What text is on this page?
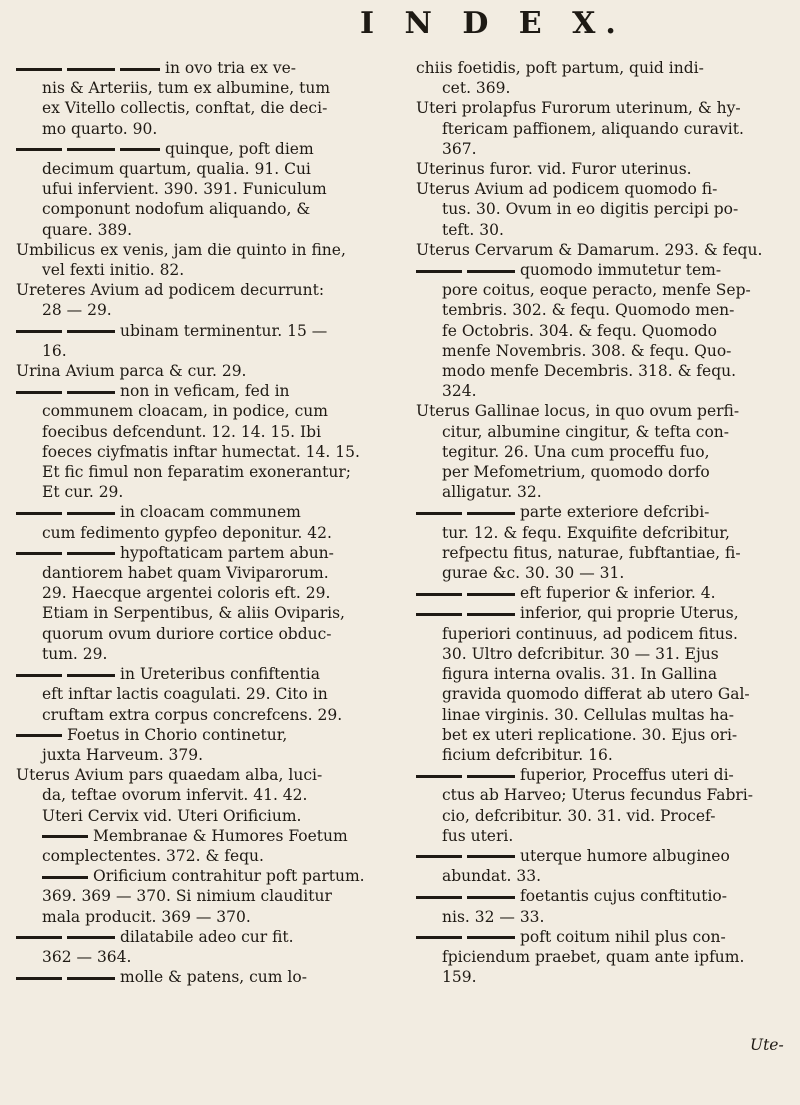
I N D E X.
in ovo tria ex ve-
nis & Arteriis, tum ex albumine, tum
ex Vitello collectis, conftat, die deci-
mo quarto. 90.
quinque, poft diem
decimum quartum, qualia. 91. Cui
ufui infervient. 390. 391. Funiculum
componunt nodofum aliquando, &
quare. 389.
Umbilicus ex venis, jam die quinto in fine,
vel fexti initio. 82.
Ureteres Avium ad podicem decurrunt:
28 — 29.
ubinam terminentur. 15 —
16.
Urina Avium parca & cur. 29.
non in veficam, fed in
communem cloacam, in podice, cum
foecibus defcendunt. 12. 14. 15. Ibi
foeces ciyfmatis inftar humectat. 14. 15.
Et fic fimul non feparatim exonerantur;
Et cur. 29.
in cloacam communem
cum fedimento gypfeo deponitur. 42.
hypoftaticam partem abun-
dantiorem habet quam Viviparorum.
29. Haecque argentei coloris eft. 29.
Etiam in Serpentibus, & aliis Oviparis,
quorum ovum duriore cortice obduc-
tum. 29.
in Ureteribus confiftentia
eft inftar lactis coagulati. 29. Cito in
cruftam extra corpus concrefcens. 29.
Foetus in Chorio continetur,
juxta Harveum. 379.
Uterus Avium pars quaedam alba, luci-
da, teftae ovorum infervit. 41. 42.
Uteri Cervix vid. Uteri Orificium.
Membranae & Humores Foetum
complectentes. 372. & fequ.
Orificium contrahitur poft partum.
369. 369 — 370. Si nimium clauditur
mala producit. 369 — 370.
dilatabile adeo cur fit.
362 — 364.
molle & patens, cum lo-
chiis foetidis, poft partum, quid indi-
cet. 369.
Uteri prolapfus Furorum uterinum, & hy-
ftericam paffionem, aliquando curavit.
367.
Uterinus furor. vid. Furor uterinus.
Uterus Avium ad podicem quomodo fi-
tus. 30. Ovum in eo digitis percipi po-
teft. 30.
Uterus Cervarum & Damarum. 293. & fequ.
quomodo immutetur tem-
pore coitus, eoque peracto, menfe Sep-
tembris. 302. & fequ. Quomodo men-
fe Octobris. 304. & fequ. Quomodo
menfe Novembris. 308. & fequ. Quo-
modo menfe Decembris. 318. & fequ.
324.
Uterus Gallinae locus, in quo ovum perfi-
citur, albumine cingitur, & tefta con-
tegitur. 26. Una cum proceffu fuo,
per Mefometrium, quomodo dorfo
alligatur. 32.
parte exteriore defcribi-
tur. 12. & fequ. Exquifite defcribitur,
refpectu fitus, naturae, fubftantiae, fi-
gurae &c. 30. 30 — 31.
eft fuperior & inferior. 4.
inferior, qui proprie Uterus,
fuperiori continuus, ad podicem fitus.
30. Ultro defcribitur. 30 — 31. Ejus
figura interna ovalis. 31. In Gallina
gravida quomodo differat ab utero Gal-
linae virginis. 30. Cellulas multas ha-
bet ex uteri replicatione. 30. Ejus ori-
ficium defcribitur. 16.
fuperior, Proceffus uteri di-
ctus ab Harveo; Uterus fecundus Fabri-
cio, defcribitur. 30. 31. vid. Procef-
fus uteri.
uterque humore albugineo
abundat. 33.
foetantis cujus conftitutio-
nis. 32 — 33.
poft coitum nihil plus con-
fpiciendum praebet, quam ante ipfum.
159.
Ute-
